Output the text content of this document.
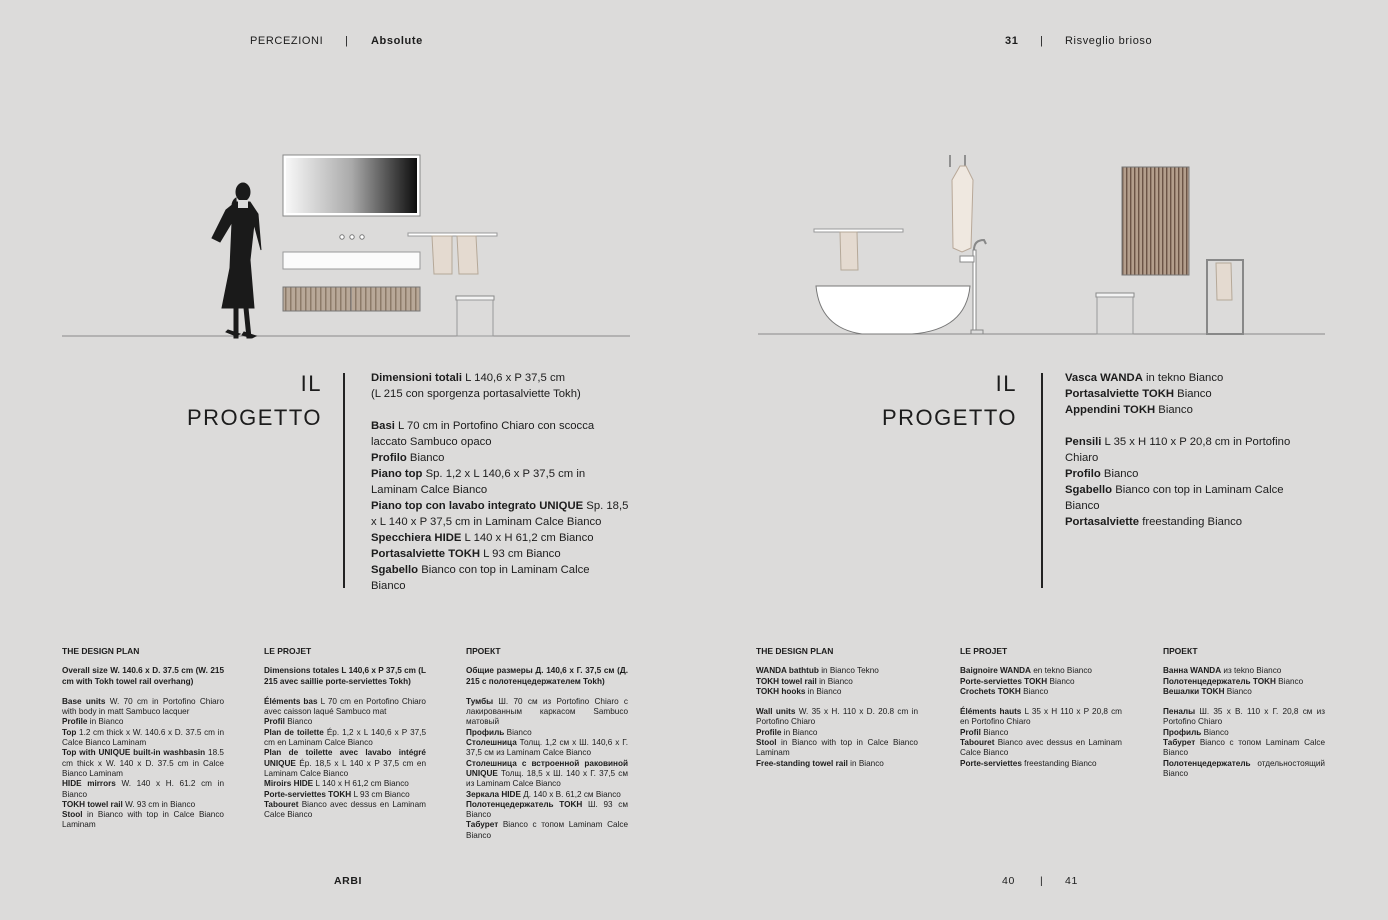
PERCEZIONI | Absolute	31 | Risveglio brioso
IL
PROGETTO

Dimensioni totali L 140,6 x P 37,5 cm

(L 215 con sporgenza portasalviette Tokh)

Basi L 70 cm in Portofino Chiaro con scocca

laccato Sambuco opaco

Profilo Bianco

Piano top Sp. 1,2 x L 140,6 x P 37,5 cm in

Laminam Calce Bianco

Piano top con lavabo integrato UNIQUE Sp. 18,5

x L 140 x P 37,5 cm in Laminam Calce Bianco

Specchiera HIDE L 140 x H 61,2 cm Bianco

Portasalviette TOKH L 93 cm Bianco

Sgabello Bianco con top in Laminam Calce

Bianco

IL
PROGETTO

Vasca WANDA in tekno Bianco

Portasalviette TOKH Bianco

Appendini TOKH Bianco

Pensili L 35 x H 110 x P 20,8 cm in Portofino

Chiaro

Profilo Bianco

Sgabello Bianco con top in Laminam Calce

Bianco

Portasalviette freestanding Bianco

THE DESIGN PLAN

Overall size W. 140.6 x D. 37.5 cm (W. 215 cm with Tokh towel rail overhang)

Base units W. 70 cm in Portofino Chiaro with body in matt Sambuco lacquer

Profile in Bianco

Top 1.2 cm thick x W. 140.6 x D. 37.5 cm in Calce Bianco Laminam

Top with UNIQUE built-in washbasin 18.5 cm thick x W. 140 x D. 37.5 cm in Calce Bianco Laminam

HIDE mirrors W. 140 x H. 61.2 cm in Bianco

TOKH towel rail W. 93 cm in Bianco

Stool in Bianco with top in Calce Bianco Laminam

LE PROJET

Dimensions totales L 140,6 x P 37,5 cm (L 215 avec saillie porte-serviettes Tokh)

Éléments bas L 70 cm en Portofino Chiaro avec caisson laqué Sambuco mat

Profil Bianco

Plan de toilette Ép. 1,2 x L 140,6 x P 37,5 cm en Laminam Calce Bianco

Plan de toilette avec lavabo intégré UNIQUE Ép. 18,5 x L 140 x P 37,5 cm en Laminam Calce Bianco

Miroirs HIDE L 140 x H 61,2 cm Bianco

Porte-serviettes TOKH L 93 cm Bianco

Tabouret Bianco avec dessus en Laminam Calce Bianco

ПРОЕКТ

Общие размеры Д. 140,6 x Г. 37,5 см (Д. 215 с полотенцедержателем Tokh)

Тумбы Ш. 70 см из Portofino Chiaro с лакированным каркасом Sambuco матовый

Профиль Bianco

Столешница Толщ. 1,2 см x Ш. 140,6 x Г. 37,5 см из Laminam Calce Bianco

Столешница с встроенной раковиной UNIQUE Толщ. 18,5 x Ш. 140 x Г. 37,5 см из Laminam Calce Bianco

Зеркала HIDE Д. 140 x В. 61,2 см Bianco

Полотенцедержатель TOKH Ш. 93 см Bianco

Табурет Bianco с топом Laminam Calce Bianco

THE DESIGN PLAN

WANDA bathtub in Bianco Tekno

TOKH towel rail in Bianco

TOKH hooks in Bianco

Wall units W. 35 x H. 110 x D. 20.8 cm in Portofino Chiaro

Profile in Bianco

Stool in Bianco with top in Calce Bianco Laminam

Free-standing towel rail in Bianco

LE PROJET

Baignoire WANDA en tekno Bianco

Porte-serviettes TOKH Bianco

Crochets TOKH Bianco

Éléments hauts L 35 x H 110 x P 20,8 cm en Portofino Chiaro

Profil Bianco

Tabouret Bianco avec dessus en Laminam Calce Bianco

Porte-serviettes freestanding Bianco

ПРОЕКТ

Ванна WANDA из tekno Bianco

Полотенцедержатель TOKH Bianco

Вешалки TOKH Bianco

Пеналы Ш. 35 x В. 110 x Г. 20,8 см из Portofino Chiaro

Профиль Bianco

Табурет Bianco с топом Laminam Calce Bianco

Полотенцедержатель отдельностоящий Bianco

ARBI	40 | 41
